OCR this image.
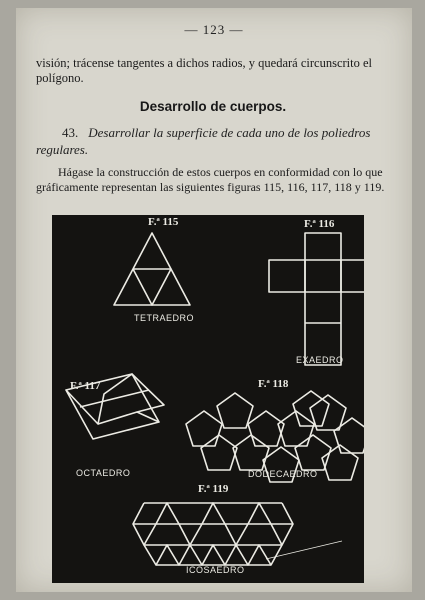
— 123 —
visión; trácense tangentes a dichos radios, y quedará circunscrito el polígono.
Desarrollo de cuerpos.
43. Desarrollar la superficie de cada uno de los poliedros regulares.
Hágase la construcción de estos cuerpos en conformidad con lo que gráficamente representan las siguientes figuras 115, 116, 117, 118 y 119.
F.ª 115
TETRAEDRO
F.ª 116
EXAEDRO
F.ª 117
OCTAEDRO
F.ª 118
DODECAEDRO
F.ª 119
ICOSAEDRO
